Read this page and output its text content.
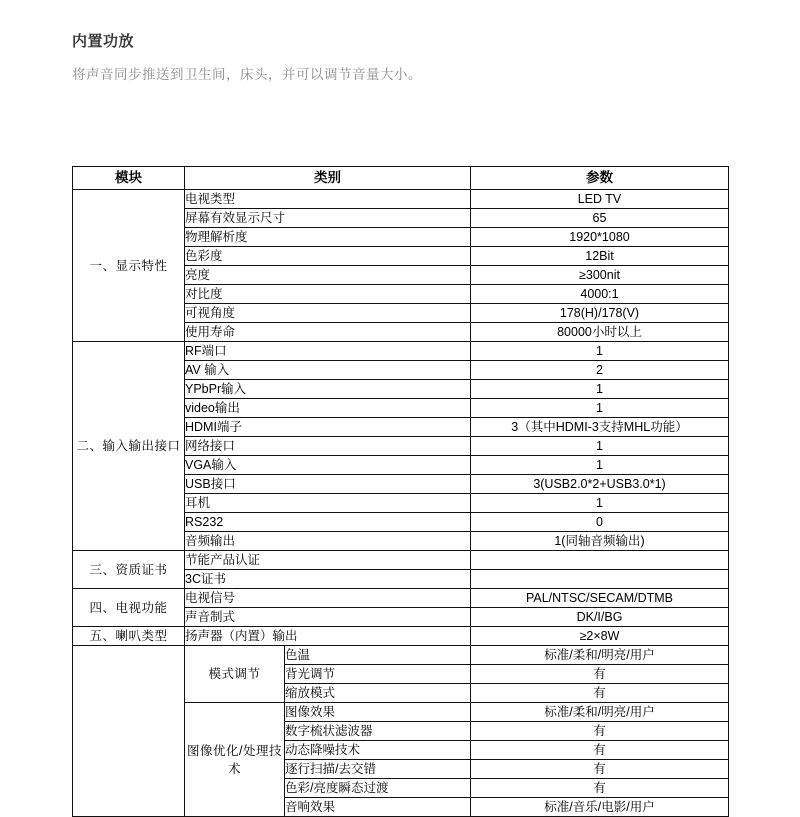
内置功放

将声音同步推送到卫生间，床头，并可以调节音量大小。

模块	类别		参数
一、显示特性	电视类型		LED TV
	屏幕有效显示尺寸		65
	物理解析度		1920*1080
	色彩度		12Bit
	亮度		≥300nit
	对比度		4000:1
	可视角度		178(H)/178(V)
	使用寿命		80000小时以上
二、输入输出接口	RF端口		1
	AV 输入		2
	YPbPr输入		1
	video输出		1
	HDMI端子		3（其中HDMI-3支持MHL功能）
	网络接口		1
	VGA输入		1
	USB接口		3(USB2.0*2+USB3.0*1)
	耳机		1
	RS232		0
	音频输出		1(同轴音频输出)
三、资质证书	节能产品认证		
	3C证书		
四、电视功能	电视信号		PAL/NTSC/SECAM/DTMB
	声音制式		DK/I/BG
五、喇叭类型	扬声器（内置）输出		≥2×8W
	模式调节	色温	标准/柔和/明亮/用户
		背光调节	有
		缩放模式	有
	图像优化/处理技术	图像效果	标准/柔和/明亮/用户
		数字梳状滤波器	有
		动态降噪技术	有
		逐行扫描/去交错	有
		色彩/亮度瞬态过渡	有
		音响效果	标准/音乐/电影/用户
